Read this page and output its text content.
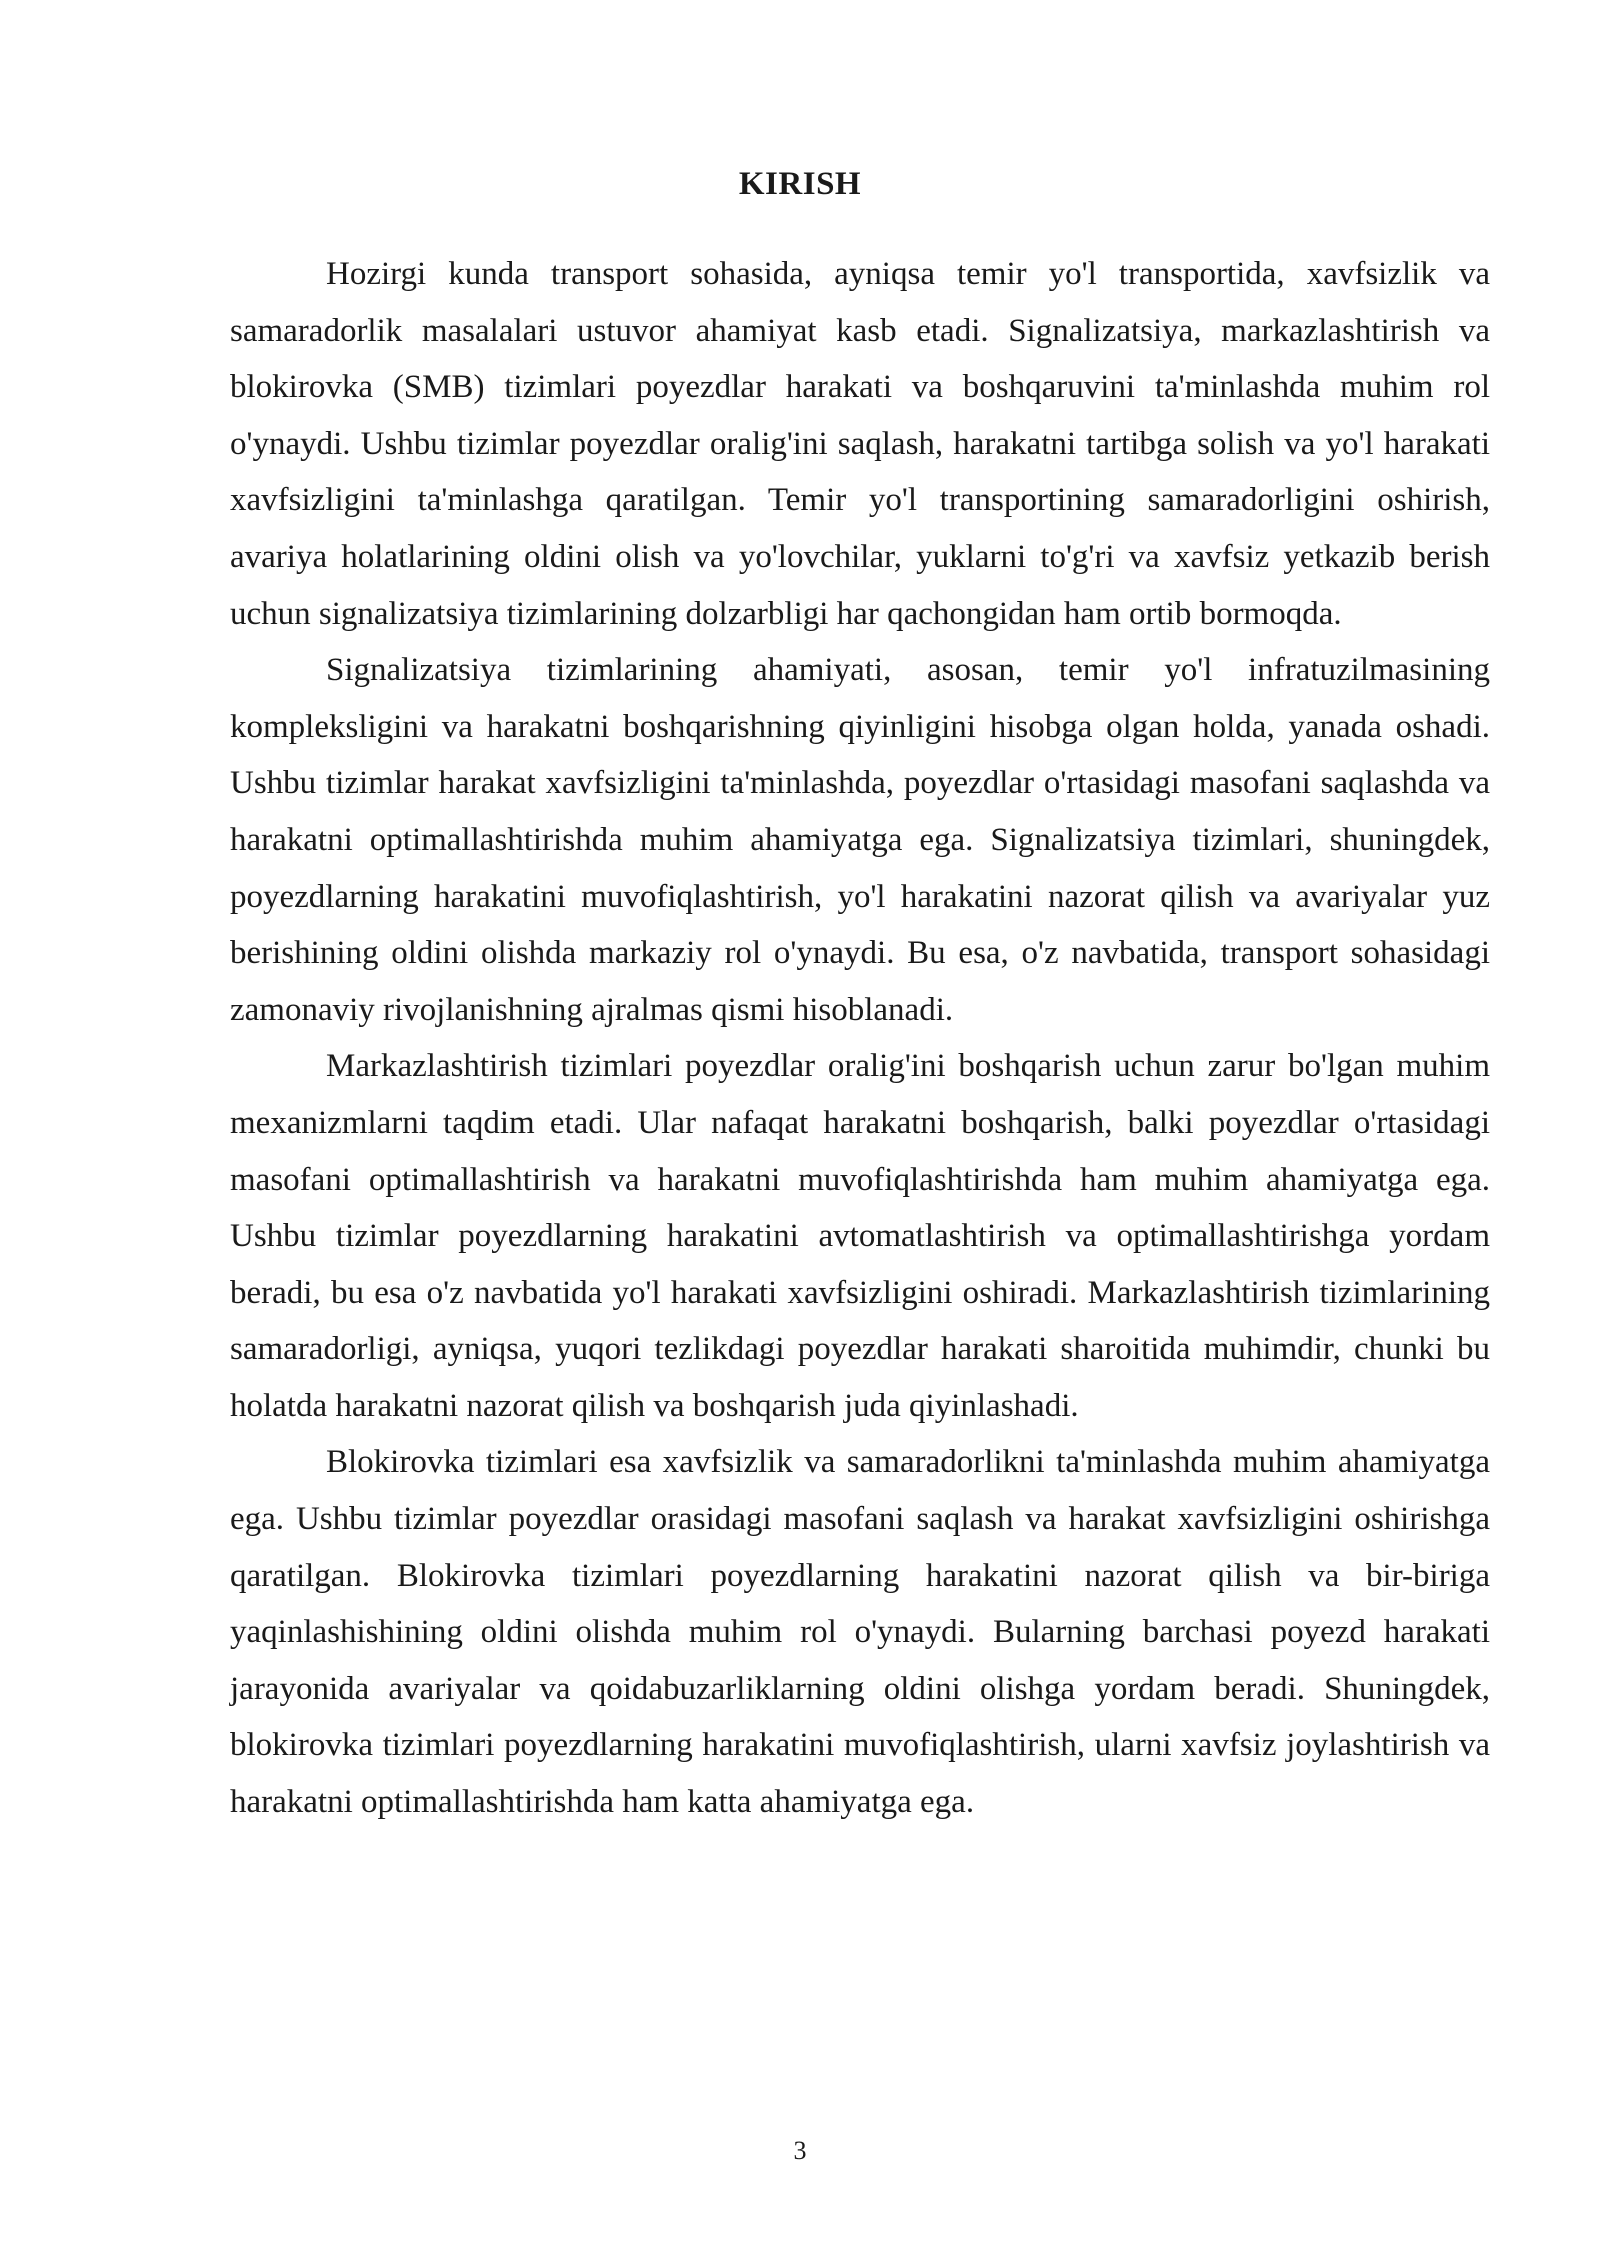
KIRISH

Hozirgi kunda transport sohasida, ayniqsa temir yo'l transportida, xavfsizlik va samaradorlik masalalari ustuvor ahamiyat kasb etadi. Signalizatsiya, markazlashtirish va blokirovka (SMB) tizimlari poyezdlar harakati va boshqaruvini ta'minlashda muhim rol o'ynaydi. Ushbu tizimlar poyezdlar oralig'ini saqlash, harakatni tartibga solish va yo'l harakati xavfsizligini ta'minlashga qaratilgan. Temir yo'l transportining samaradorligini oshirish, avariya holatlarining oldini olish va yo'lovchilar, yuklarni to'g'ri va xavfsiz yetkazib berish uchun signalizatsiya tizimlarining dolzarbligi har qachongidan ham ortib bormoqda.

Signalizatsiya tizimlarining ahamiyati, asosan, temir yo'l infratuzilmasining kompleksligini va harakatni boshqarishning qiyinligini hisobga olgan holda, yanada oshadi. Ushbu tizimlar harakat xavfsizligini ta'minlashda, poyezdlar o'rtasidagi masofani saqlashda va harakatni optimallashtirishda muhim ahamiyatga ega. Signalizatsiya tizimlari, shuningdek, poyezdlarning harakatini muvofiqlashtirish, yo'l harakatini nazorat qilish va avariyalar yuz berishining oldini olishda markaziy rol o'ynaydi. Bu esa, o'z navbatida, transport sohasidagi zamonaviy rivojlanishning ajralmas qismi hisoblanadi.

Markazlashtirish tizimlari poyezdlar oralig'ini boshqarish uchun zarur bo'lgan muhim mexanizmlarni taqdim etadi. Ular nafaqat harakatni boshqarish, balki poyezdlar o'rtasidagi masofani optimallashtirish va harakatni muvofiqlashtirishda ham muhim ahamiyatga ega. Ushbu tizimlar poyezdlarning harakatini avtomatlashtirish va optimallashtirishga yordam beradi, bu esa o'z navbatida yo'l harakati xavfsizligini oshiradi. Markazlashtirish tizimlarining samaradorligi, ayniqsa, yuqori tezlikdagi poyezdlar harakati sharoitida muhimdir, chunki bu holatda harakatni nazorat qilish va boshqarish juda qiyinlashadi.

Blokirovka tizimlari esa xavfsizlik va samaradorlikni ta'minlashda muhim ahamiyatga ega. Ushbu tizimlar poyezdlar orasidagi masofani saqlash va harakat xavfsizligini oshirishga qaratilgan. Blokirovka tizimlari poyezdlarning harakatini nazorat qilish va bir-biriga yaqinlashishining oldini olishda muhim rol o'ynaydi. Bularning barchasi poyezd harakati jarayonida avariyalar va qoidabuzarliklarning oldini olishga yordam beradi. Shuningdek, blokirovka tizimlari poyezdlarning harakatini muvofiqlashtirish, ularni xavfsiz joylashtirish va harakatni optimallashtirishda ham katta ahamiyatga ega.

3
